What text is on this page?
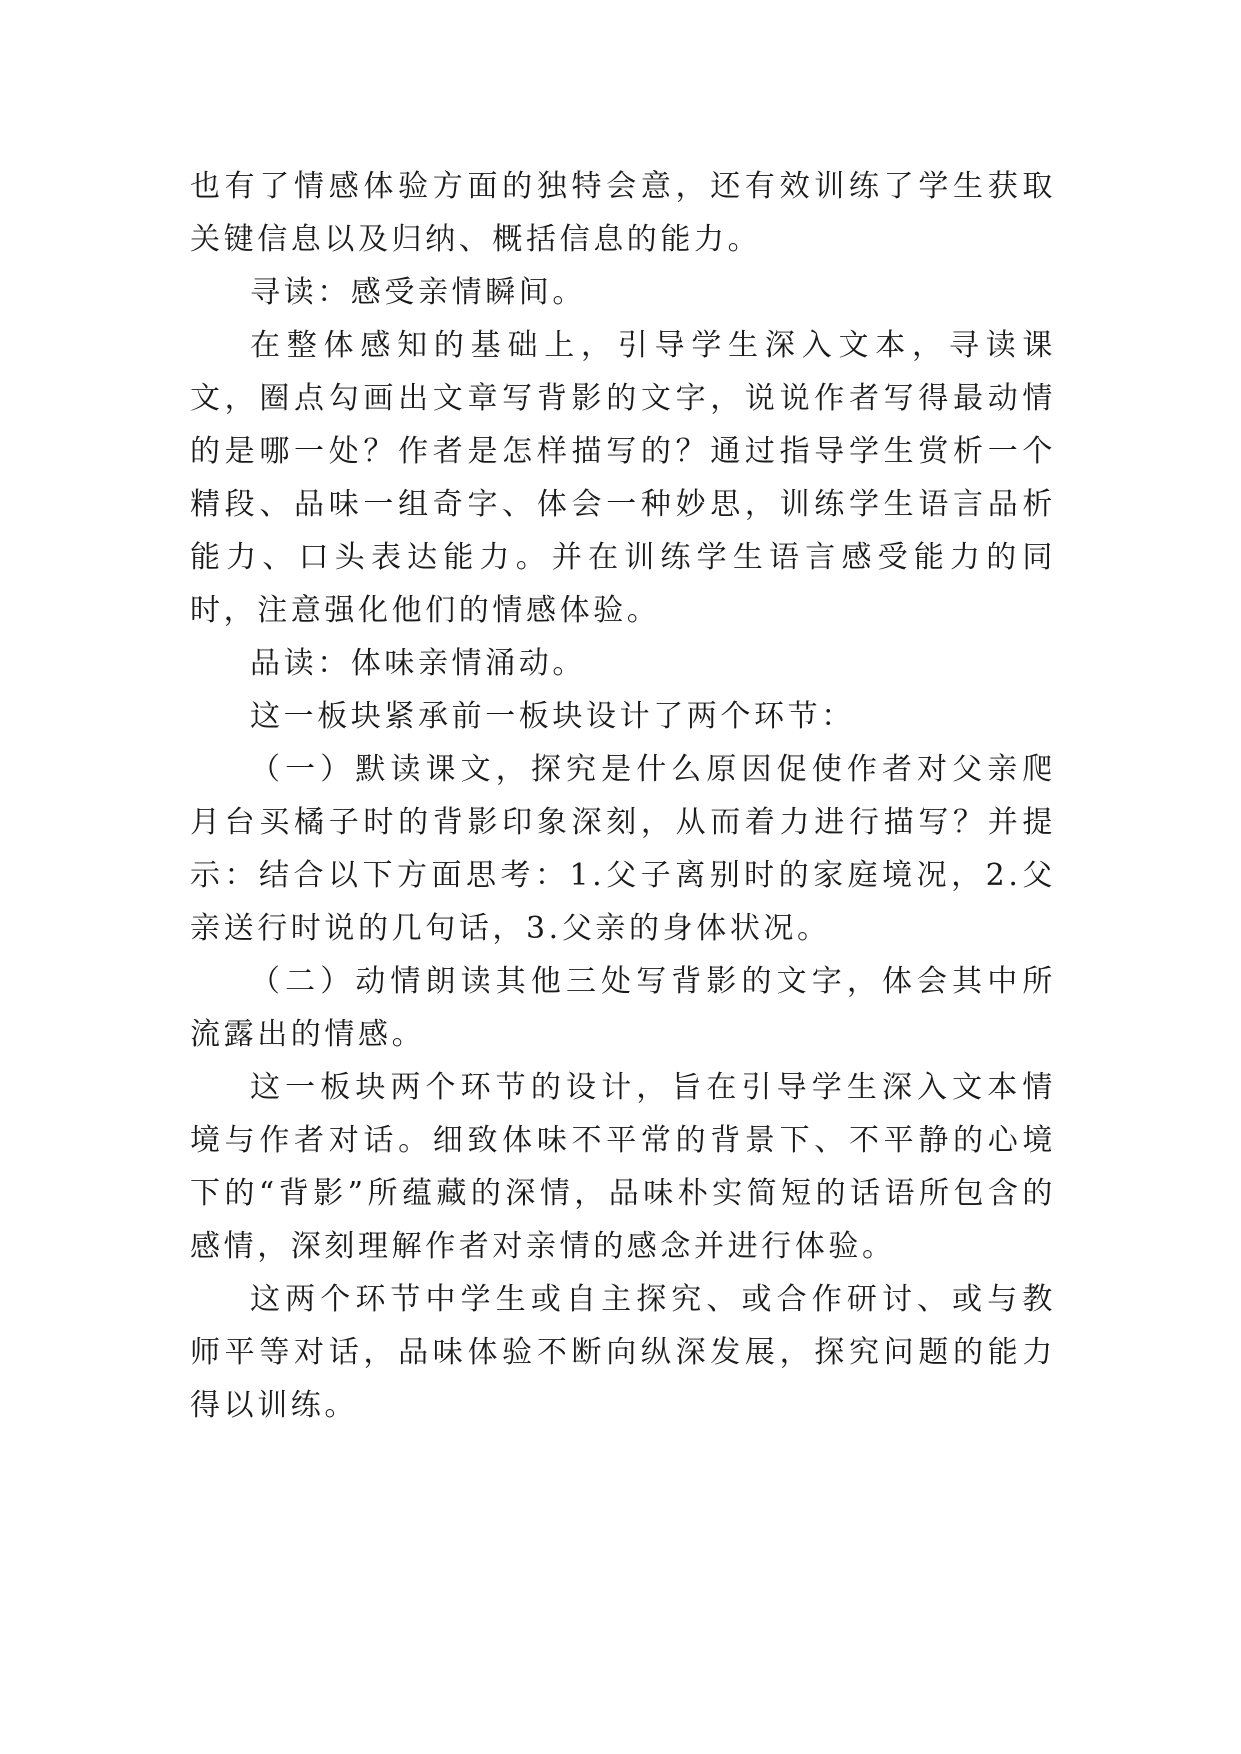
也有了情感体验方面的独特会意，还有效训练了学生获取关键信息以及归纳、概括信息的能力。

寻读：感受亲情瞬间。

在整体感知的基础上，引导学生深入文本，寻读课文，圈点勾画出文章写背影的文字，说说作者写得最动情的是哪一处？作者是怎样描写的？通过指导学生赏析一个精段、品味一组奇字、体会一种妙思，训练学生语言品析能力、口头表达能力。并在训练学生语言感受能力的同时，注意强化他们的情感体验。

品读：体味亲情涌动。

这一板块紧承前一板块设计了两个环节：

（一）默读课文，探究是什么原因促使作者对父亲爬月台买橘子时的背影印象深刻，从而着力进行描写？并提示：结合以下方面思考：1.父子离别时的家庭境况，2.父亲送行时说的几句话，3.父亲的身体状况。

（二）动情朗读其他三处写背影的文字，体会其中所流露出的情感。

这一板块两个环节的设计，旨在引导学生深入文本情境与作者对话。细致体味不平常的背景下、不平静的心境下的“背影”所蕴藏的深情，品味朴实简短的话语所包含的感情，深刻理解作者对亲情的感念并进行体验。

这两个环节中学生或自主探究、或合作研讨、或与教师平等对话，品味体验不断向纵深发展，探究问题的能力得以训练。
